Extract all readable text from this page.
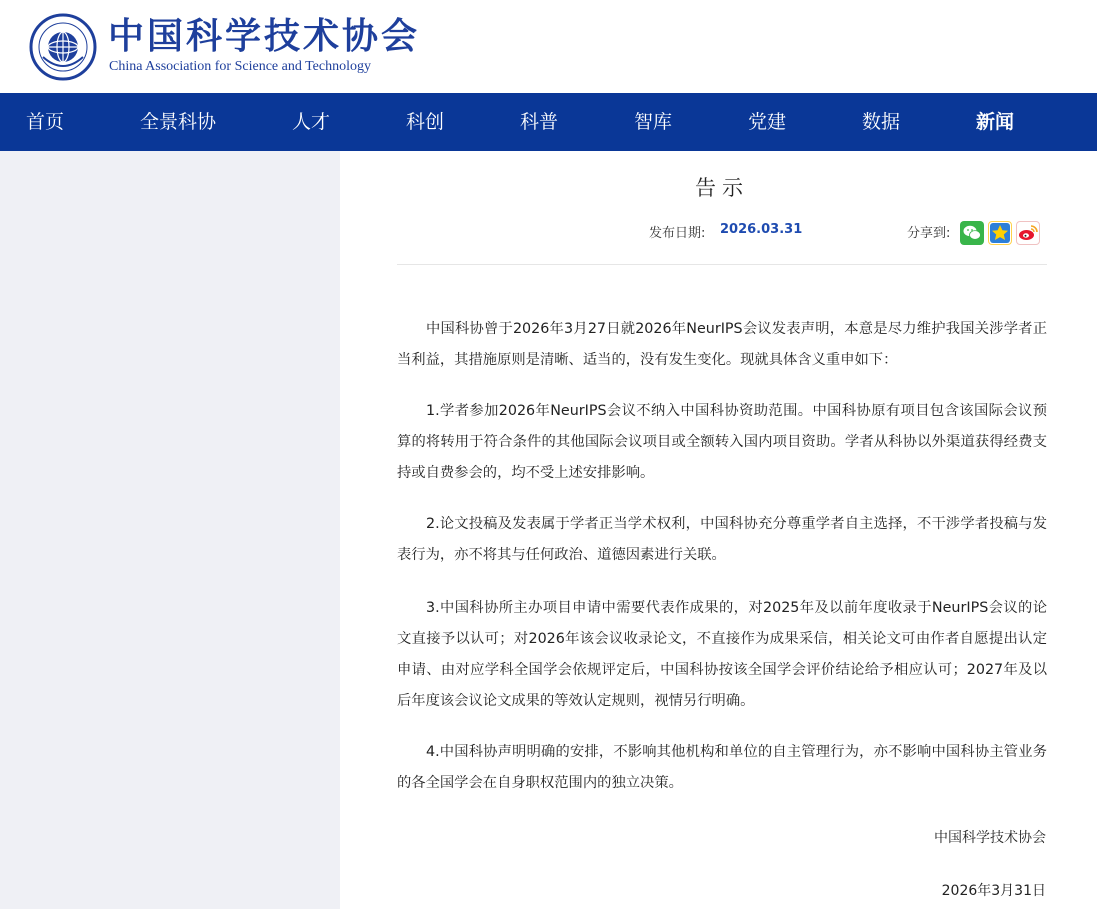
中国科学技术协会
China Association for Science and Technology
首页	全景科协	人才	科创	科普	智库	党建	数据	新闻
告示
发布日期: 2026.03.31	分享到:

中国科协曾于2026年3月27日就2026年NeurIPS会议发表声明，本意是尽力维护我国关涉学者正当利益，其措施原则是清晰、适当的，没有发生变化。现就具体含义重申如下：

1.学者参加2026年NeurIPS会议不纳入中国科协资助范围。中国科协原有项目包含该国际会议预算的将转用于符合条件的其他国际会议项目或全额转入国内项目资助。学者从科协以外渠道获得经费支持或自费参会的，均不受上述安排影响。

2.论文投稿及发表属于学者正当学术权利，中国科协充分尊重学者自主选择，不干涉学者投稿与发表行为，亦不将其与任何政治、道德因素进行关联。

3.中国科协所主办项目申请中需要代表作成果的，对2025年及以前年度收录于NeurIPS会议的论文直接予以认可；对2026年该会议收录论文，不直接作为成果采信，相关论文可由作者自愿提出认定申请、由对应学科全国学会依规评定后，中国科协按该全国学会评价结论给予相应认可；2027年及以后年度该会议论文成果的等效认定规则，视情另行明确。

4.中国科协声明明确的安排，不影响其他机构和单位的自主管理行为，亦不影响中国科协主管业务的各全国学会在自身职权范围内的独立决策。

中国科学技术协会
2026年3月31日
